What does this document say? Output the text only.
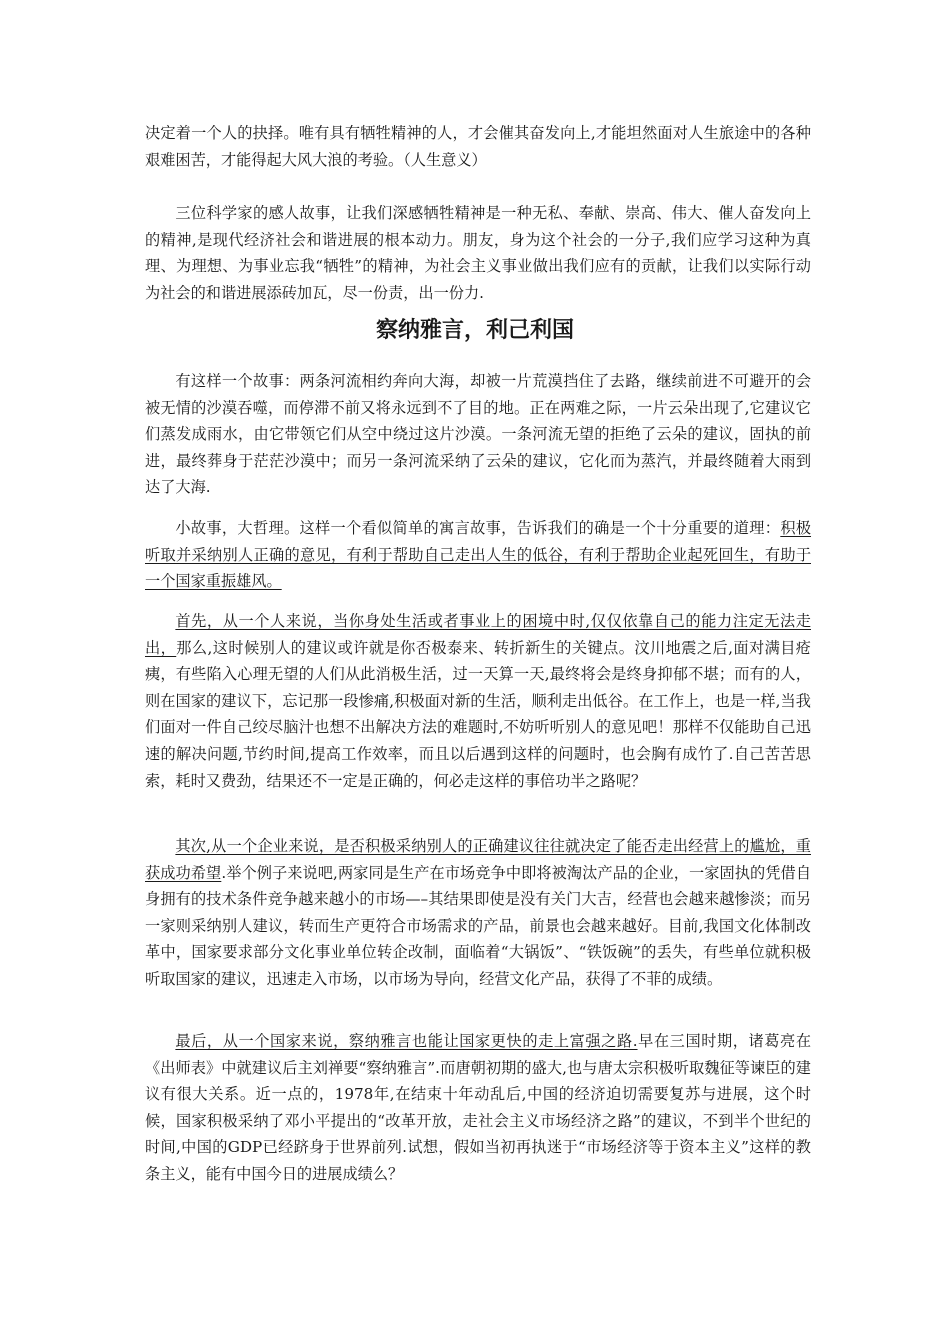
决定着一个人的抉择。唯有具有牺牲精神的人，才会催其奋发向上,才能坦然面对人生旅途中的各种艰难困苦，才能得起大风大浪的考验。（人生意义）

三位科学家的感人故事，让我们深感牺牲精神是一种无私、奉献、崇高、伟大、催人奋发向上的精神,是现代经济社会和谐进展的根本动力。朋友，身为这个社会的一分子,我们应学习这种为真理、为理想、为事业忘我“牺牲”的精神，为社会主义事业做出我们应有的贡献，让我们以实际行动为社会的和谐进展添砖加瓦，尽一份责，出一份力.

察纳雅言，利己利国

有这样一个故事：两条河流相约奔向大海，却被一片荒漠挡住了去路，继续前进不可避开的会被无情的沙漠吞噬，而停滞不前又将永远到不了目的地。正在两难之际，一片云朵出现了,它建议它们蒸发成雨水，由它带领它们从空中绕过这片沙漠。一条河流无望的拒绝了云朵的建议，固执的前进，最终葬身于茫茫沙漠中；而另一条河流采纳了云朵的建议，它化而为蒸汽，并最终随着大雨到达了大海.

小故事，大哲理。这样一个看似简单的寓言故事，告诉我们的确是一个十分重要的道理：积极听取并采纳别人正确的意见，有利于帮助自己走出人生的低谷，有利于帮助企业起死回生，有助于一个国家重振雄风。

首先，从一个人来说，当你身处生活或者事业上的困境中时,仅仅依靠自己的能力注定无法走出，那么,这时候别人的建议或许就是你否极泰来、转折新生的关键点。汶川地震之后,面对满目疮痍，有些陷入心理无望的人们从此消极生活，过一天算一天,最终将会是终身抑郁不堪；而有的人，则在国家的建议下，忘记那一段惨痛,积极面对新的生活，顺利走出低谷。在工作上，也是一样,当我们面对一件自己绞尽脑汁也想不出解决方法的难题时,不妨听听别人的意见吧！那样不仅能助自己迅速的解决问题,节约时间,提高工作效率，而且以后遇到这样的问题时，也会胸有成竹了.自己苦苦思索，耗时又费劲，结果还不一定是正确的，何必走这样的事倍功半之路呢？

其次,从一个企业来说，是否积极采纳别人的正确建议往往就决定了能否走出经营上的尴尬，重获成功希望.举个例子来说吧,两家同是生产在市场竞争中即将被淘汰产品的企业，一家固执的凭借自身拥有的技术条件竞争越来越小的市场—–其结果即使是没有关门大吉，经营也会越来越惨淡；而另一家则采纳别人建议，转而生产更符合市场需求的产品，前景也会越来越好。目前,我国文化体制改革中，国家要求部分文化事业单位转企改制，面临着“大锅饭”、“铁饭碗”的丢失，有些单位就积极听取国家的建议，迅速走入市场，以市场为导向，经营文化产品，获得了不菲的成绩。

最后，从一个国家来说，察纳雅言也能让国家更快的走上富强之路.早在三国时期，诸葛亮在《出师表》中就建议后主刘禅要“察纳雅言”.而唐朝初期的盛大,也与唐太宗积极听取魏征等谏臣的建议有很大关系。近一点的，1978年,在结束十年动乱后,中国的经济迫切需要复苏与进展，这个时候，国家积极采纳了邓小平提出的“改革开放，走社会主义市场经济之路”的建议，不到半个世纪的时间,中国的GDP已经跻身于世界前列.试想，假如当初再执迷于“市场经济等于资本主义”这样的教条主义，能有中国今日的进展成绩么？
